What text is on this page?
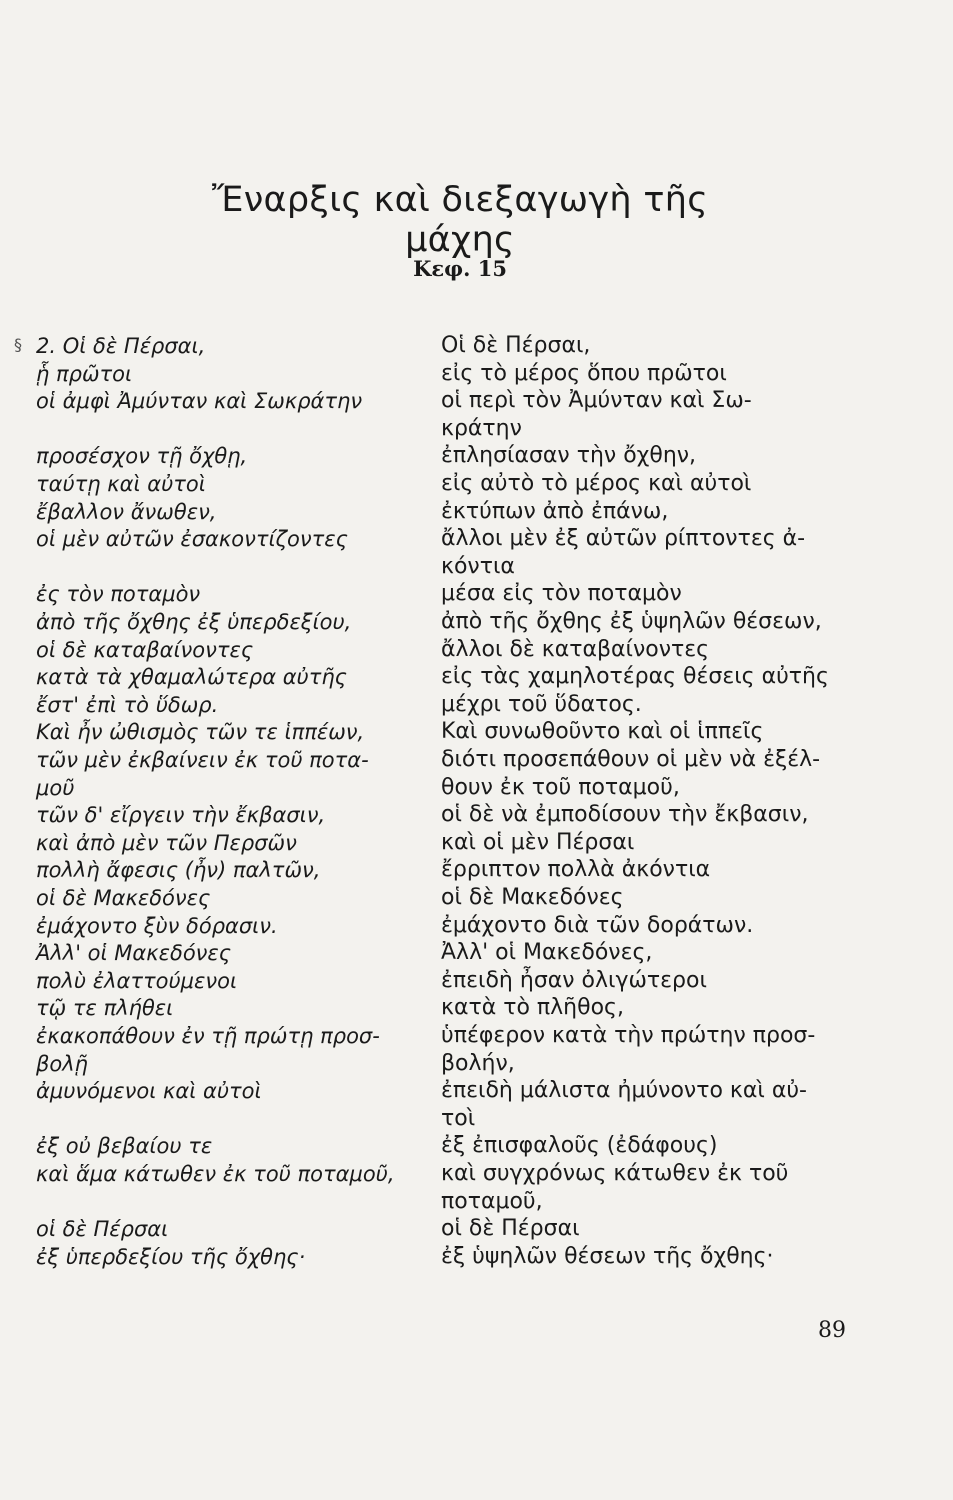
Ἔναρξις καὶ διεξαγωγὴ τῆς μάχης
Κεφ. 15
§ 2. Οἱ δὲ Πέρσαι,
ᾗ πρῶτοι
οἱ ἀμφὶ Ἀμύνταν καὶ Σωκράτην
προσέσχον τῇ ὄχθῃ,
ταύτῃ καὶ αὐτοὶ
ἔβαλλον ἄνωθεν,
οἱ μὲν αὐτῶν ἐσακοντίζοντες
ἐς τὸν ποταμὸν
ἀπὸ τῆς ὄχθης ἐξ ὑπερδεξίου,
οἱ δὲ καταβαίνοντες
κατὰ τὰ χθαμαλώτερα αὐτῆς
ἔστ' ἐπὶ τὸ ὕδωρ.
Καὶ ἦν ὠθισμὸς τῶν τε ἱππέων,
τῶν μὲν ἐκβαίνειν ἐκ τοῦ ποτα-
μοῦ
τῶν δ' εἴργειν τὴν ἔκβασιν,
καὶ ἀπὸ μὲν τῶν Περσῶν
πολλὴ ἄφεσις (ἦν) παλτῶν,
οἱ δὲ Μακεδόνες
ἐμάχοντο ξὺν δόρασιν.
Ἀλλ' οἱ Μακεδόνες
πολὺ ἐλαττούμενοι
τῷ τε πλήθει
ἐκακοπάθουν ἐν τῇ πρώτῃ προσ-
βολῇ
ἀμυνόμενοι καὶ αὐτοὶ
ἐξ οὐ βεβαίου τε
καὶ ἅμα κάτωθεν ἐκ τοῦ ποταμοῦ,
οἱ δὲ Πέρσαι
ἐξ ὑπερδεξίου τῆς ὄχθης·
Οἱ δὲ Πέρσαι,
εἰς τὸ μέρος ὅπου πρῶτοι
οἱ περὶ τὸν Ἀμύνταν καὶ Σω-
κράτην
ἐπλησίασαν τὴν ὄχθην,
εἰς αὐτὸ τὸ μέρος καὶ αὐτοὶ
ἐκτύπων ἀπὸ ἐπάνω,
ἄλλοι μὲν ἐξ αὐτῶν ρίπτοντες ἀ-
κόντια
μέσα εἰς τὸν ποταμὸν
ἀπὸ τῆς ὄχθης ἐξ ὑψηλῶν θέσεων,
ἄλλοι δὲ καταβαίνοντες
εἰς τὰς χαμηλοτέρας θέσεις αὐτῆς
μέχρι τοῦ ὕδατος.
Καὶ συνωθοῦντο καὶ οἱ ἱππεῖς
διότι προσεπάθουν οἱ μὲν νὰ ἐξέλ-
θουν ἐκ τοῦ ποταμοῦ,
οἱ δὲ νὰ ἐμποδίσουν τὴν ἔκβασιν,
καὶ οἱ μὲν Πέρσαι
ἔρριπτον πολλὰ ἀκόντια
οἱ δὲ Μακεδόνες
ἐμάχοντο διὰ τῶν δοράτων.
Ἀλλ' οἱ Μακεδόνες,
ἐπειδὴ ἦσαν ὀλιγώτεροι
κατὰ τὸ πλῆθος,
ὑπέφερον κατὰ τὴν πρώτην προσ-
βολήν,
ἐπειδὴ μάλιστα ἠμύνοντο καὶ αὐ-
τοὶ
ἐξ ἐπισφαλοῦς (ἐδάφους)
καὶ συγχρόνως κάτωθεν ἐκ τοῦ
ποταμοῦ,
οἱ δὲ Πέρσαι
ἐξ ὑψηλῶν θέσεων τῆς ὄχθης·
89
